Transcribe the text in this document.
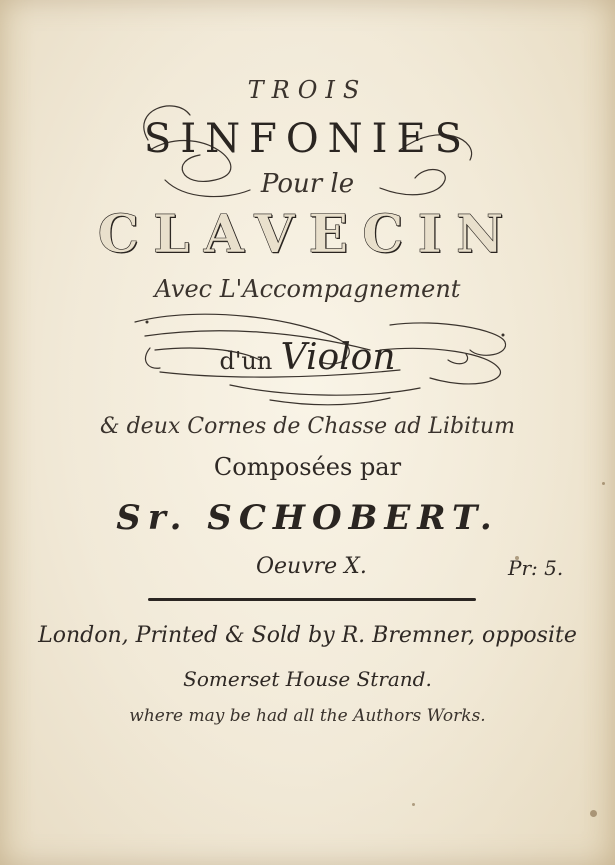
TROIS
SINFONIES
Pour le
CLAVECIN
Avec L'Accompagnement
d'un Violon
& deux Cornes de Chasse ad Libitum
Composées par
Sr. SCHOBERT.
Oeuvre X.	Pr: 5.
London, Printed & Sold by R. Bremner, opposite
Somerset House Strand.
where may be had all the Authors Works.
